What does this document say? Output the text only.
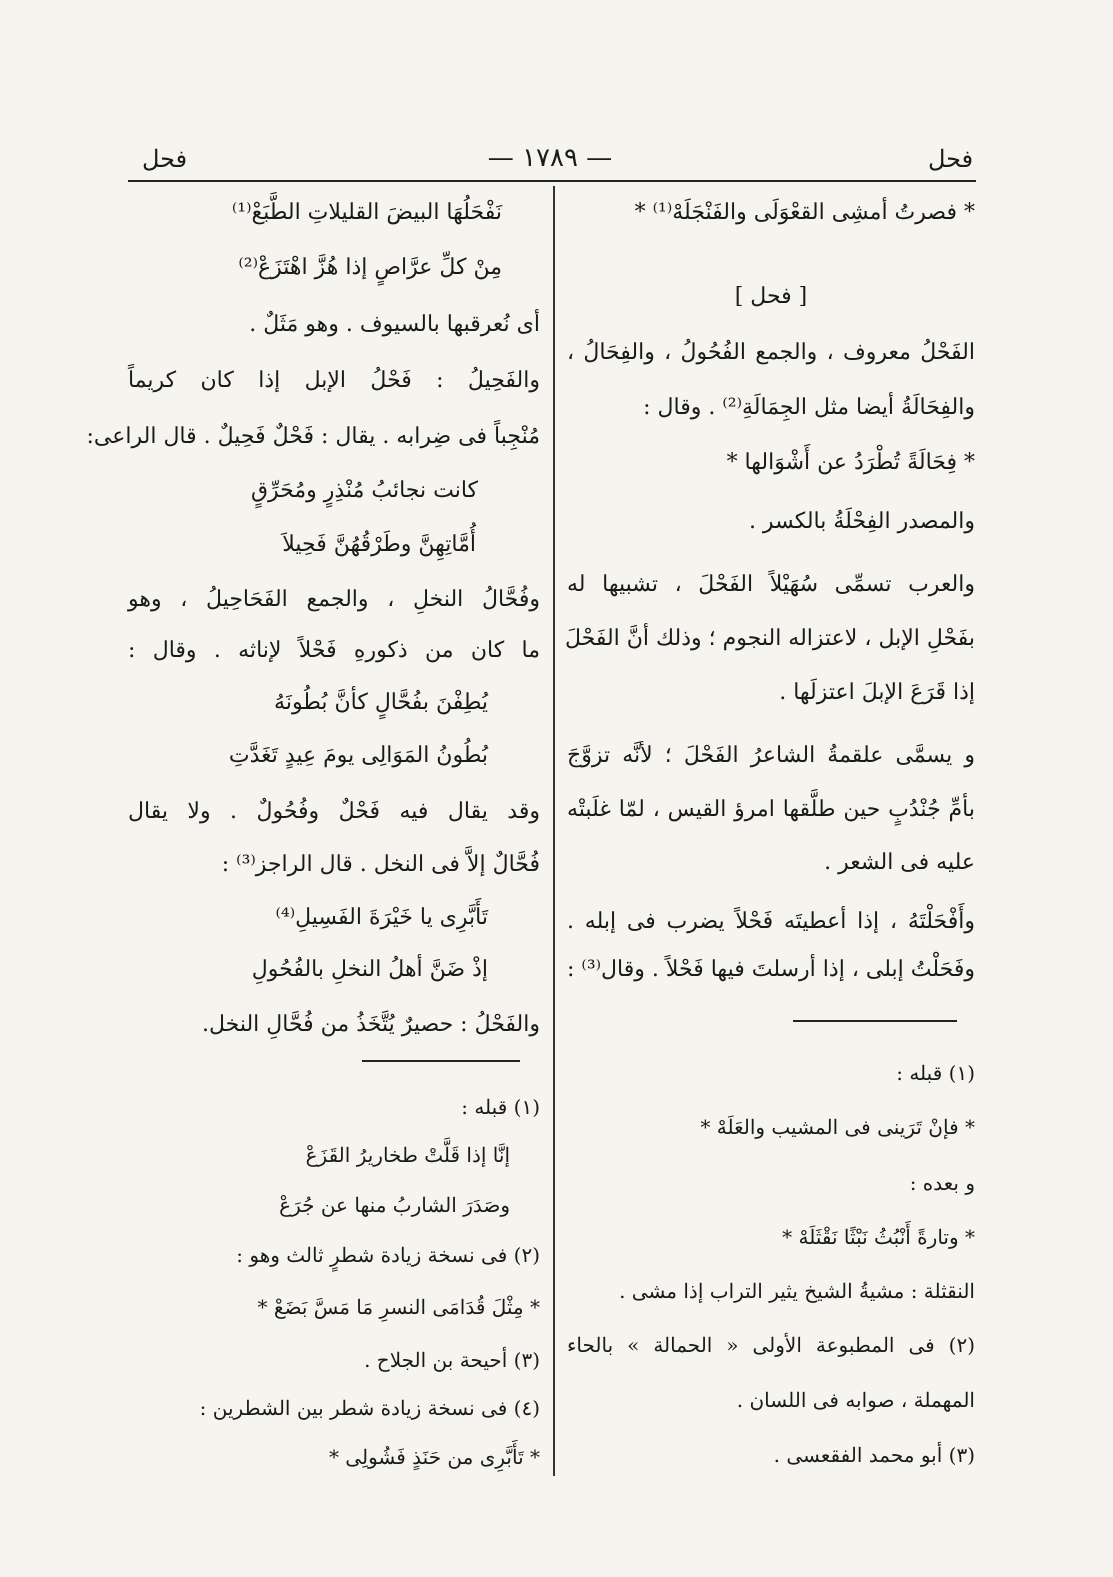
فحل
— ١٧٨٩ —
فحل
* فصرتُ أمشِى القعْوَلَى والفَنْجَلَهْ⁽¹⁾ *
[ فحل ]
الفَحْلُ معروف ، والجمع الفُحُولُ ، والفِحَالُ ،
والفِحَالَةُ أيضا مثل الجِمَالَةِ⁽²⁾ . وقال :
* فِحَالَةً تُطْرَدُ عن أَشْوَالها *
والمصدر الفِحْلَةُ بالكسر .
والعرب تسمِّى سُهَيْلاً الفَحْلَ ، تشبيها له
بفَحْلِ الإبل ، لاعتزاله النجوم ؛ وذلك أنَّ الفَحْلَ
إذا قَرَعَ الإبلَ اعتزلَها .
و يسمَّى علقمةُ الشاعرُ الفَحْلَ ؛ لأنَّه تزوَّجَ
بأمِّ جُنْدُبٍ حين طلَّقها امرؤ القيس ، لمّا غلَبتْه
عليه فى الشعر .
وأَفْحَلْتَهُ ، إذا أعطيتَه فَحْلاً يضرب فى إبله .
وفَحَلْتُ إبلى ، إذا أرسلتَ فيها فَحْلاً . وقال⁽³⁾ :
(١) قبله :
* فإنْ تَرَينى فى المشيب والعَلَهْ *
و بعده :
* وتارةً أَنْبُثُ نَبْثًا نَقْثَلَهْ *
النقثلة : مشيةُ الشيخ يثير التراب إذا مشى .
(٢) فى المطبوعة الأولى « الحمالة » بالحاء
المهملة ، صوابه فى اللسان .
(٣) أبو محمد الفقعسى .
نَفْحَلُهَا البيضَ القليلاتِ الطَّبَعْ⁽¹⁾
مِنْ كلِّ عرَّاصٍ إذا هُزَّ اهْتَزَعْ⁽²⁾
أى نُعرقبها بالسيوف . وهو مَثَلٌ .
والفَحِيلُ : فَحْلُ الإبل إذا كان كريماً
مُنْجِباً فى ضِرابه . يقال : فَحْلٌ فَحِيلٌ . قال الراعى:
كانت نجائبُ مُنْذِرٍ ومُحَرِّقٍ
أُمَّاتِهِنَّ وطَرْقُهُنَّ فَحِيلاَ
وفُحَّالُ النخلِ ، والجمع الفَحَاحِيلُ ، وهو
ما كان من ذكورهِ فَحْلاً لإناثه . وقال :
يُطِفْنَ بفُحَّالٍ كأنَّ بُطُونَهُ
بُطُونُ المَوَالِى يومَ عِيدٍ تَغَدَّتِ
وقد يقال فيه فَحْلٌ وفُحُولٌ . ولا يقال
فُحَّالٌ إلاَّ فى النخل . قال الراجز⁽³⁾ :
تَأَبَّرِى يا خَيْرَةَ الفَسِيلِ⁽⁴⁾
إذْ ضَنَّ أهلُ النخلِ بالفُحُولِ
والفَحْلُ : حصيرٌ يُتَّخَذُ من فُحَّالِ النخل.
(١) قبله :
إنَّا إذا قَلَّتْ طخاريرُ القَزَعْ
وصَدَرَ الشاربُ منها عن جُرَعْ
(٢) فى نسخة زيادة شطرٍ ثالث وهو :
* مِثْلَ قُدَامَى النسرِ مَا مَسَّ بَضَعْ *
(٣) أحيحة بن الجلاح .
(٤) فى نسخة زيادة شطر بين الشطرين :
* تَأَبَّرِى من حَنَذٍ فَشُولِى *
